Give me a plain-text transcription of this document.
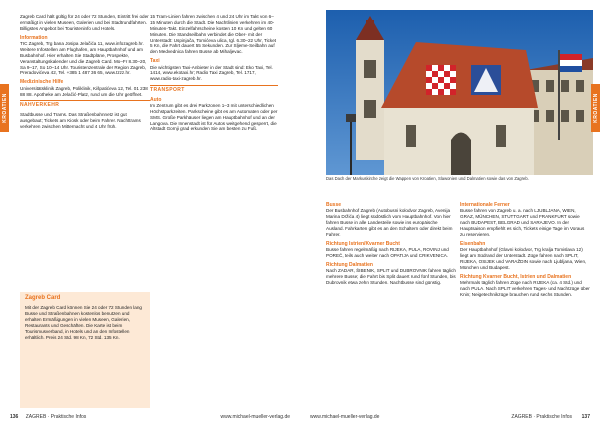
KROATIEN

Zagreb Card hält gültig für 24 oder 72 Stunden, Eintritt frei oder ermäßigt in vielen Museen, Galerien und bei Stadtrundfahrten. Billigstes Angebot bei Touristeninfo und Hotels.

Information

TIC Zagreb, Trg bana Josipa Jelačića 11, www.infozagreb.hr. Weitere Infostellen am Flughafen, am Hauptbahnhof und am Busbahnhof. Hier erhalten Sie Stadtpläne, Prospekte, Veranstaltungskalender und die Zagreb Card. Mo–Fr 8.30–20, Sa 9–17, So 10–14 Uhr. Touristenzentrale der Region Zagreb, Preradovićeva 42, Tel. +385 1 487 36 65, www.tzzz.hr.

Medizinische Hilfe

Universitätsklinik Zagreb, Poliklinik, Kišpatićeva 12, Tel. 01 238 88 88. Apotheke am Jelačić-Platz, rund um die Uhr geöffnet.

NAHVERKEHR

Stadtbusse und Trams. Das Straßenbahnnetz ist gut ausgebaut; Tickets am Kiosk oder beim Fahrer. Nachttrams verkehren zwischen Mitternacht und 4 Uhr früh.

Zagreb Card
Mit der Zagreb Card können Sie 24 oder 72 Stunden lang Busse und Straßenbahnen kostenlos benutzen und erhalten Ermäßigungen in vielen Museen, Galerien, Restaurants und Geschäften. Die Karte ist beim Tourismusverband, in Hotels und an den Infostellen erhältlich. Preis 24 Std. 98 Kn, 72 Std. 135 Kn.

15 Tram-Linien fahren zwischen 4 und 24 Uhr im Takt von 6–15 Minuten durch die Stadt. Die Nachtlinien verkehren im 40-Minuten-Takt. Einzelfahrscheine kosten 10 Kn und gelten 60 Minuten. Die Standseilbahn verbindet die Ober- mit der Unterstadt: Uspinjača, Tomićeva ulica, tgl. 6.30–22 Uhr, Ticket 5 Kn, die Fahrt dauert 55 Sekunden. Zur Sljeme-Seilbahn auf den Medvednica fahren Busse ab Mihaljevac.

Taxi

Die wichtigsten Taxi-Anbieter in der Stadt sind: Eko Taxi, Tel. 1414, www.ekotaxi.hr; Radio Taxi Zagreb, Tel. 1717, www.radio-taxi-zagreb.hr.

TRANSPORT
Auto

Im Zentrum gibt es drei Parkzonen 1–3 mit unterschiedlichen Höchstparkzeiten. Parkscheine gibt es am Automaten oder per SMS. Große Parkhäuser liegen am Hauptbahnhof und an der Langova. Die Innenstadt ist für Autos weitgehend gesperrt, die Altstadt Gornji grad erkunden Sie am besten zu Fuß.

136 ZAGREB · Praktische Infos	www.michael-mueller-verlag.de
Das Dach der Markuskirche zeigt die Wappen von Kroatien, Slawonien und Dalmatien sowie das von Zagreb.
Busse

Der Busbahnhof Zagreb (Autobusni kolodvor Zagreb, Avenija Marina Držića 4) liegt südöstlich vom Hauptbahnhof. Von hier fahren Busse in alle Landesteile sowie ins europäische Ausland. Fahrkarten gibt es an den Schaltern oder direkt beim Fahrer.

Richtung Istrien/Kvarner Bucht

Busse fahren regelmäßig nach RIJEKA, PULA, ROVINJ und POREČ, teils auch weiter nach OPATIJA und CRIKVENICA.

Richtung Dalmatien

Nach ZADAR, ŠIBENIK, SPLIT und DUBROVNIK fahren täglich mehrere Busse; die Fahrt bis Split dauert rund fünf Stunden, bis Dubrovnik etwa zehn Stunden. Nachtbusse sind günstig.

Internationale Ferner

Busse fahren von Zagreb u. a. nach LJUBLJANA, WIEN, GRAZ, MÜNCHEN, STUTTGART und FRANKFURT sowie nach BUDAPEST, BELGRAD und SARAJEVO. In der Hauptsaison empfiehlt es sich, Tickets einige Tage im Voraus zu reservieren.

Eisenbahn

Der Hauptbahnhof (Glavni kolodvor, Trg kralja Tomislava 12) liegt am Südrand der Unterstadt. Züge fahren nach SPLIT, RIJEKA, OSIJEK und VARAŽDIN sowie nach Ljubljana, Wien, München und Budapest.

Richtung Kvarner Bucht, Istrien und Dalmatien

Mehrmals täglich fahren Züge nach RIJEKA (ca. 4 Std.) und nach PULA. Nach SPLIT verkehren Tages- und Nachtzüge über Knin; Neigetechnikzüge brauchen rund sechs Stunden.

KROATIEN
www.michael-mueller-verlag.de	ZAGREB · Praktische Infos 137
